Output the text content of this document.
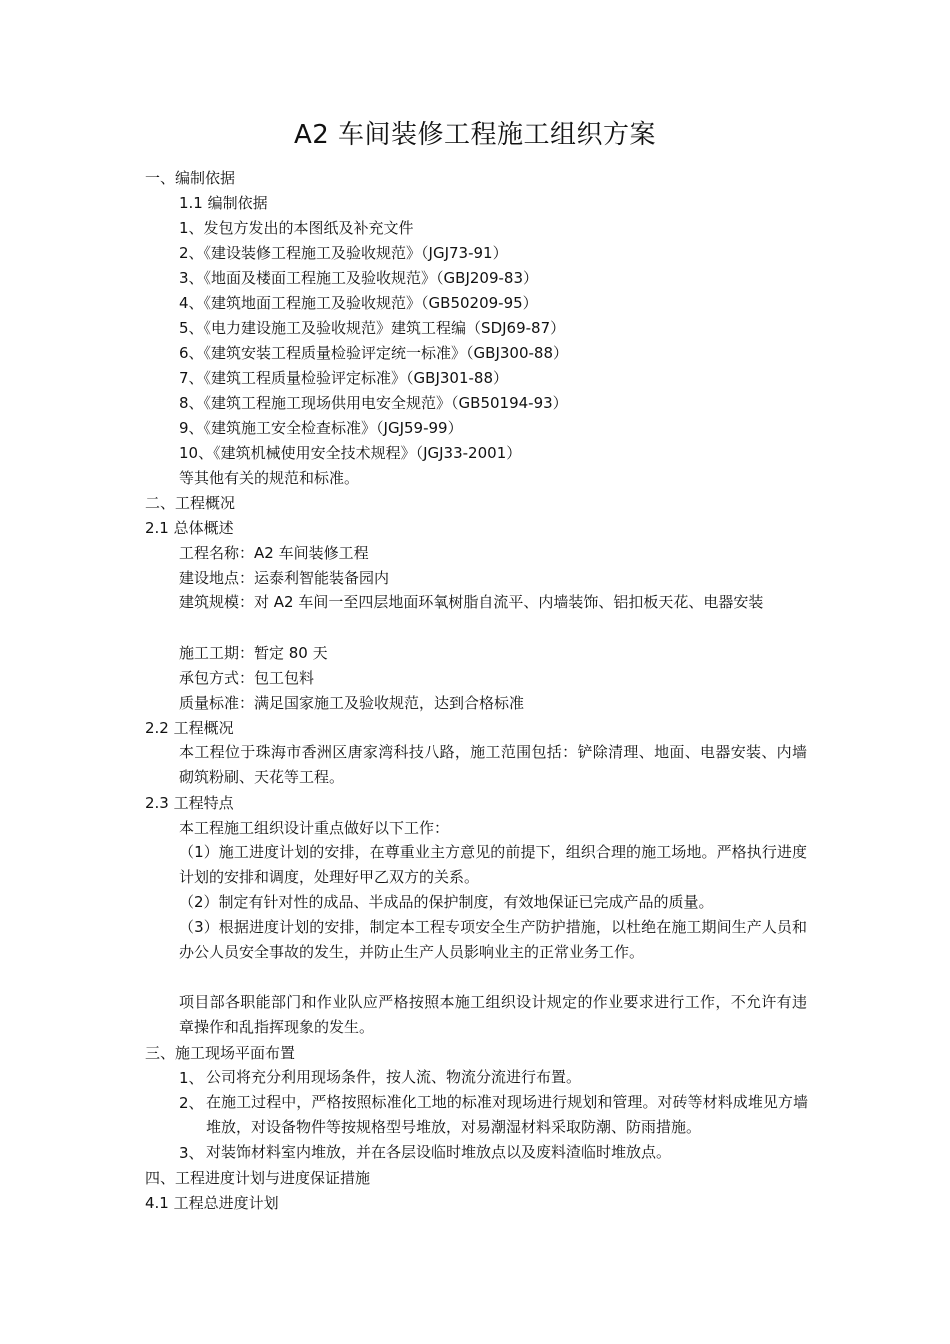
A2 车间装修工程施工组织方案
一、编制依据
1.1 编制依据
1、发包方发出的本图纸及补充文件
2、《建设装修工程施工及验收规范》（JGJ73-91）
3、《地面及楼面工程施工及验收规范》（GBJ209-83）
4、《建筑地面工程施工及验收规范》（GB50209-95）
5、《电力建设施工及验收规范》建筑工程编（SDJ69-87）
6、《建筑安装工程质量检验评定统一标准》（GBJ300-88）
7、《建筑工程质量检验评定标准》（GBJ301-88）
8、《建筑工程施工现场供用电安全规范》（GB50194-93）
9、《建筑施工安全检查标准》（JGJ59-99）
10、《建筑机械使用安全技术规程》（JGJ33-2001）
等其他有关的规范和标准。
二、工程概况
2.1 总体概述
工程名称：A2 车间装修工程
建设地点：运泰利智能装备园内

建筑规模：对 A2 车间一至四层地面环氧树脂自流平、内墙装饰、铝扣板天花、电器安装

施工工期：暂定 80 天
承包方式：包工包料
质量标准：满足国家施工及验收规范，达到合格标准
2.2 工程概况

本工程位于珠海市香洲区唐家湾科技八路，施工范围包括：铲除清理、地面、电器安装、内墙砌筑粉刷、天花等工程。

2.3 工程特点
本工程施工组织设计重点做好以下工作：

（1）施工进度计划的安排，在尊重业主方意见的前提下，组织合理的施工场地。严格执行进度计划的安排和调度，处理好甲乙双方的关系。

（2）制定有针对性的成品、半成品的保护制度，有效地保证已完成产品的质量。

（3）根据进度计划的安排，制定本工程专项安全生产防护措施，以杜绝在施工期间生产人员和办公人员安全事故的发生，并防止生产人员影响业主的正常业务工作。

项目部各职能部门和作业队应严格按照本施工组织设计规定的作业要求进行工作，不允许有违章操作和乱指挥现象的发生。

三、施工现场平面布置
1、 公司将充分利用现场条件，按人流、物流分流进行布置。
2、 在施工过程中，严格按照标准化工地的标准对现场进行规划和管理。对砖等材料成堆见方墙堆放，对设备物件等按规格型号堆放，对易潮湿材料采取防潮、防雨措施。
3、 对装饰材料室内堆放，并在各层设临时堆放点以及废料渣临时堆放点。
四、工程进度计划与进度保证措施
4.1 工程总进度计划
